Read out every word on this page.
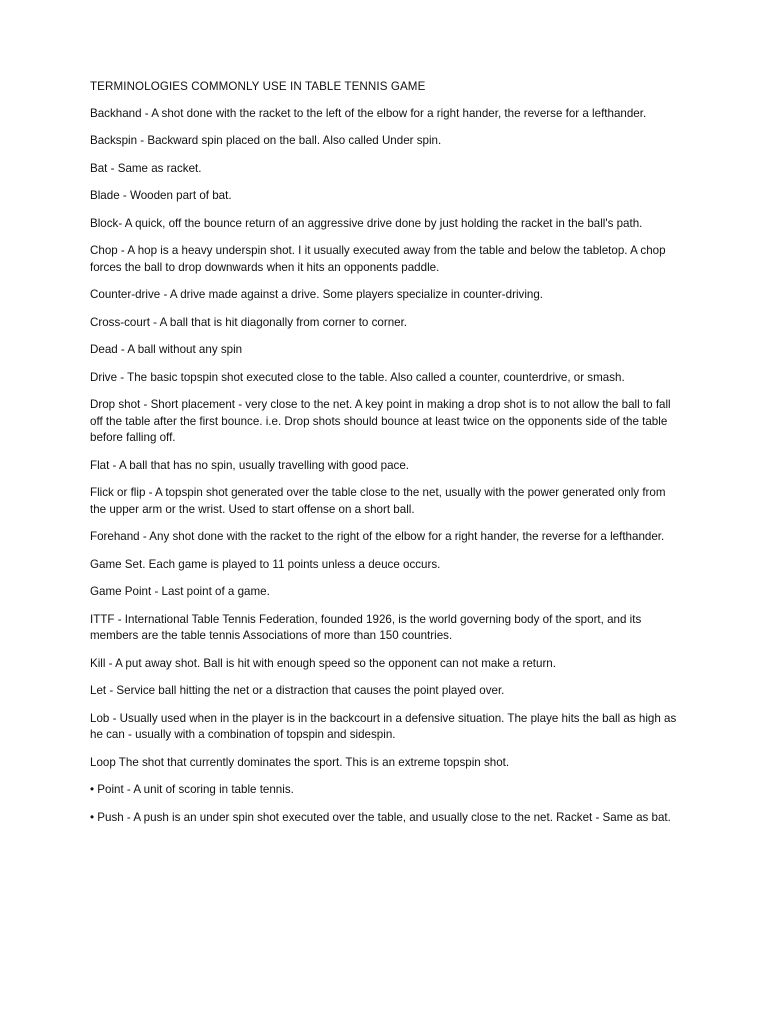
TERMINOLOGIES COMMONLY USE IN TABLE TENNIS GAME

Backhand - A shot done with the racket to the left of the elbow for a right hander, the reverse for a lefthander.

Backspin - Backward spin placed on the ball. Also called Under spin.

Bat - Same as racket.

Blade - Wooden part of bat.

Block- A quick, off the bounce return of an aggressive drive done by just holding the racket in the ball's path.

Chop - A hop is a heavy underspin shot. I it usually executed away from the table and below the tabletop. A chop forces the ball to drop downwards when it hits an opponents paddle.

Counter-drive - A drive made against a drive. Some players specialize in counter-driving.

Cross-court - A ball that is hit diagonally from corner to corner.

Dead - A ball without any spin

Drive - The basic topspin shot executed close to the table. Also called a counter, counterdrive, or smash.

Drop shot - Short placement - very close to the net. A key point in making a drop shot is to not allow the ball to fall off the table after the first bounce. i.e. Drop shots should bounce at least twice on the opponents side of the table before falling off.

Flat - A ball that has no spin, usually travelling with good pace.

Flick or flip - A topspin shot generated over the table close to the net, usually with the power generated only from the upper arm or the wrist. Used to start offense on a short ball.

Forehand - Any shot done with the racket to the right of the elbow for a right hander, the reverse for a lefthander.

Game Set. Each game is played to 11 points unless a deuce occurs.

Game Point - Last point of a game.

ITTF - International Table Tennis Federation, founded 1926, is the world governing body of the sport, and its members are the table tennis Associations of more than 150 countries.

Kill - A put away shot. Ball is hit with enough speed so the opponent can not make a return.

Let - Service ball hitting the net or a distraction that causes the point played over.

Lob - Usually used when in the player is in the backcourt in a defensive situation. The playe hits the ball as high as he can - usually with a combination of topspin and sidespin.

Loop The shot that currently dominates the sport. This is an extreme topspin shot.

• Point - A unit of scoring in table tennis.

• Push - A push is an under spin shot executed over the table, and usually close to the net. Racket - Same as bat.
